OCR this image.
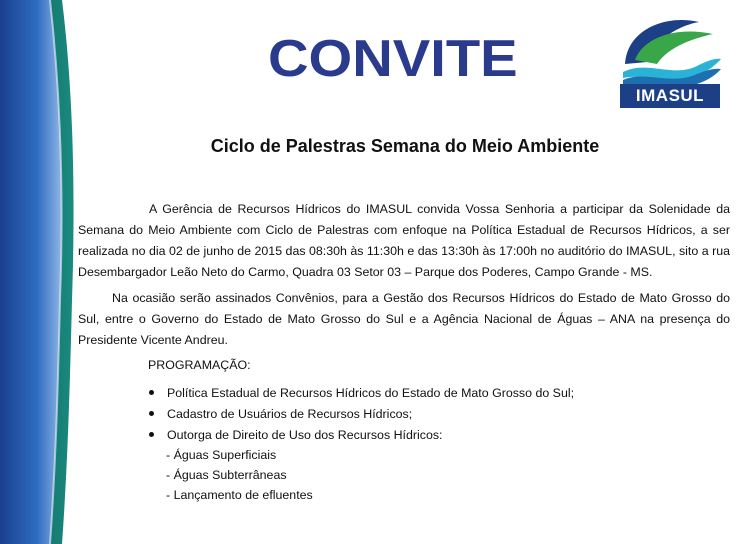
CONVITE
IMASUL
Ciclo de Palestras Semana do Meio Ambiente

A Gerência de Recursos Hídricos do IMASUL convida Vossa Senhoria a participar da Solenidade da Semana do Meio Ambiente com Ciclo de Palestras com enfoque na Política Estadual de Recursos Hídricos, a ser realizada no dia 02 de junho de 2015 das 08:30h às 11:30h e das 13:30h às 17:00h no auditório do IMASUL, sito a rua Desembargador Leão Neto do Carmo, Quadra 03 Setor 03 – Parque dos Poderes, Campo Grande - MS.

Na ocasião serão assinados Convênios, para a Gestão dos Recursos Hídricos do Estado de Mato Grosso do Sul, entre o Governo do Estado de Mato Grosso do Sul e a Agência Nacional de Águas – ANA na presença do Presidente Vicente Andreu.

PROGRAMAÇÃO:
Política Estadual de Recursos Hídricos do Estado de Mato Grosso do Sul;
Cadastro de Usuários de Recursos Hídricos;
Outorga de Direito de Uso dos Recursos Hídricos:
- Águas Superficiais
- Águas Subterrâneas
- Lançamento de efluentes
